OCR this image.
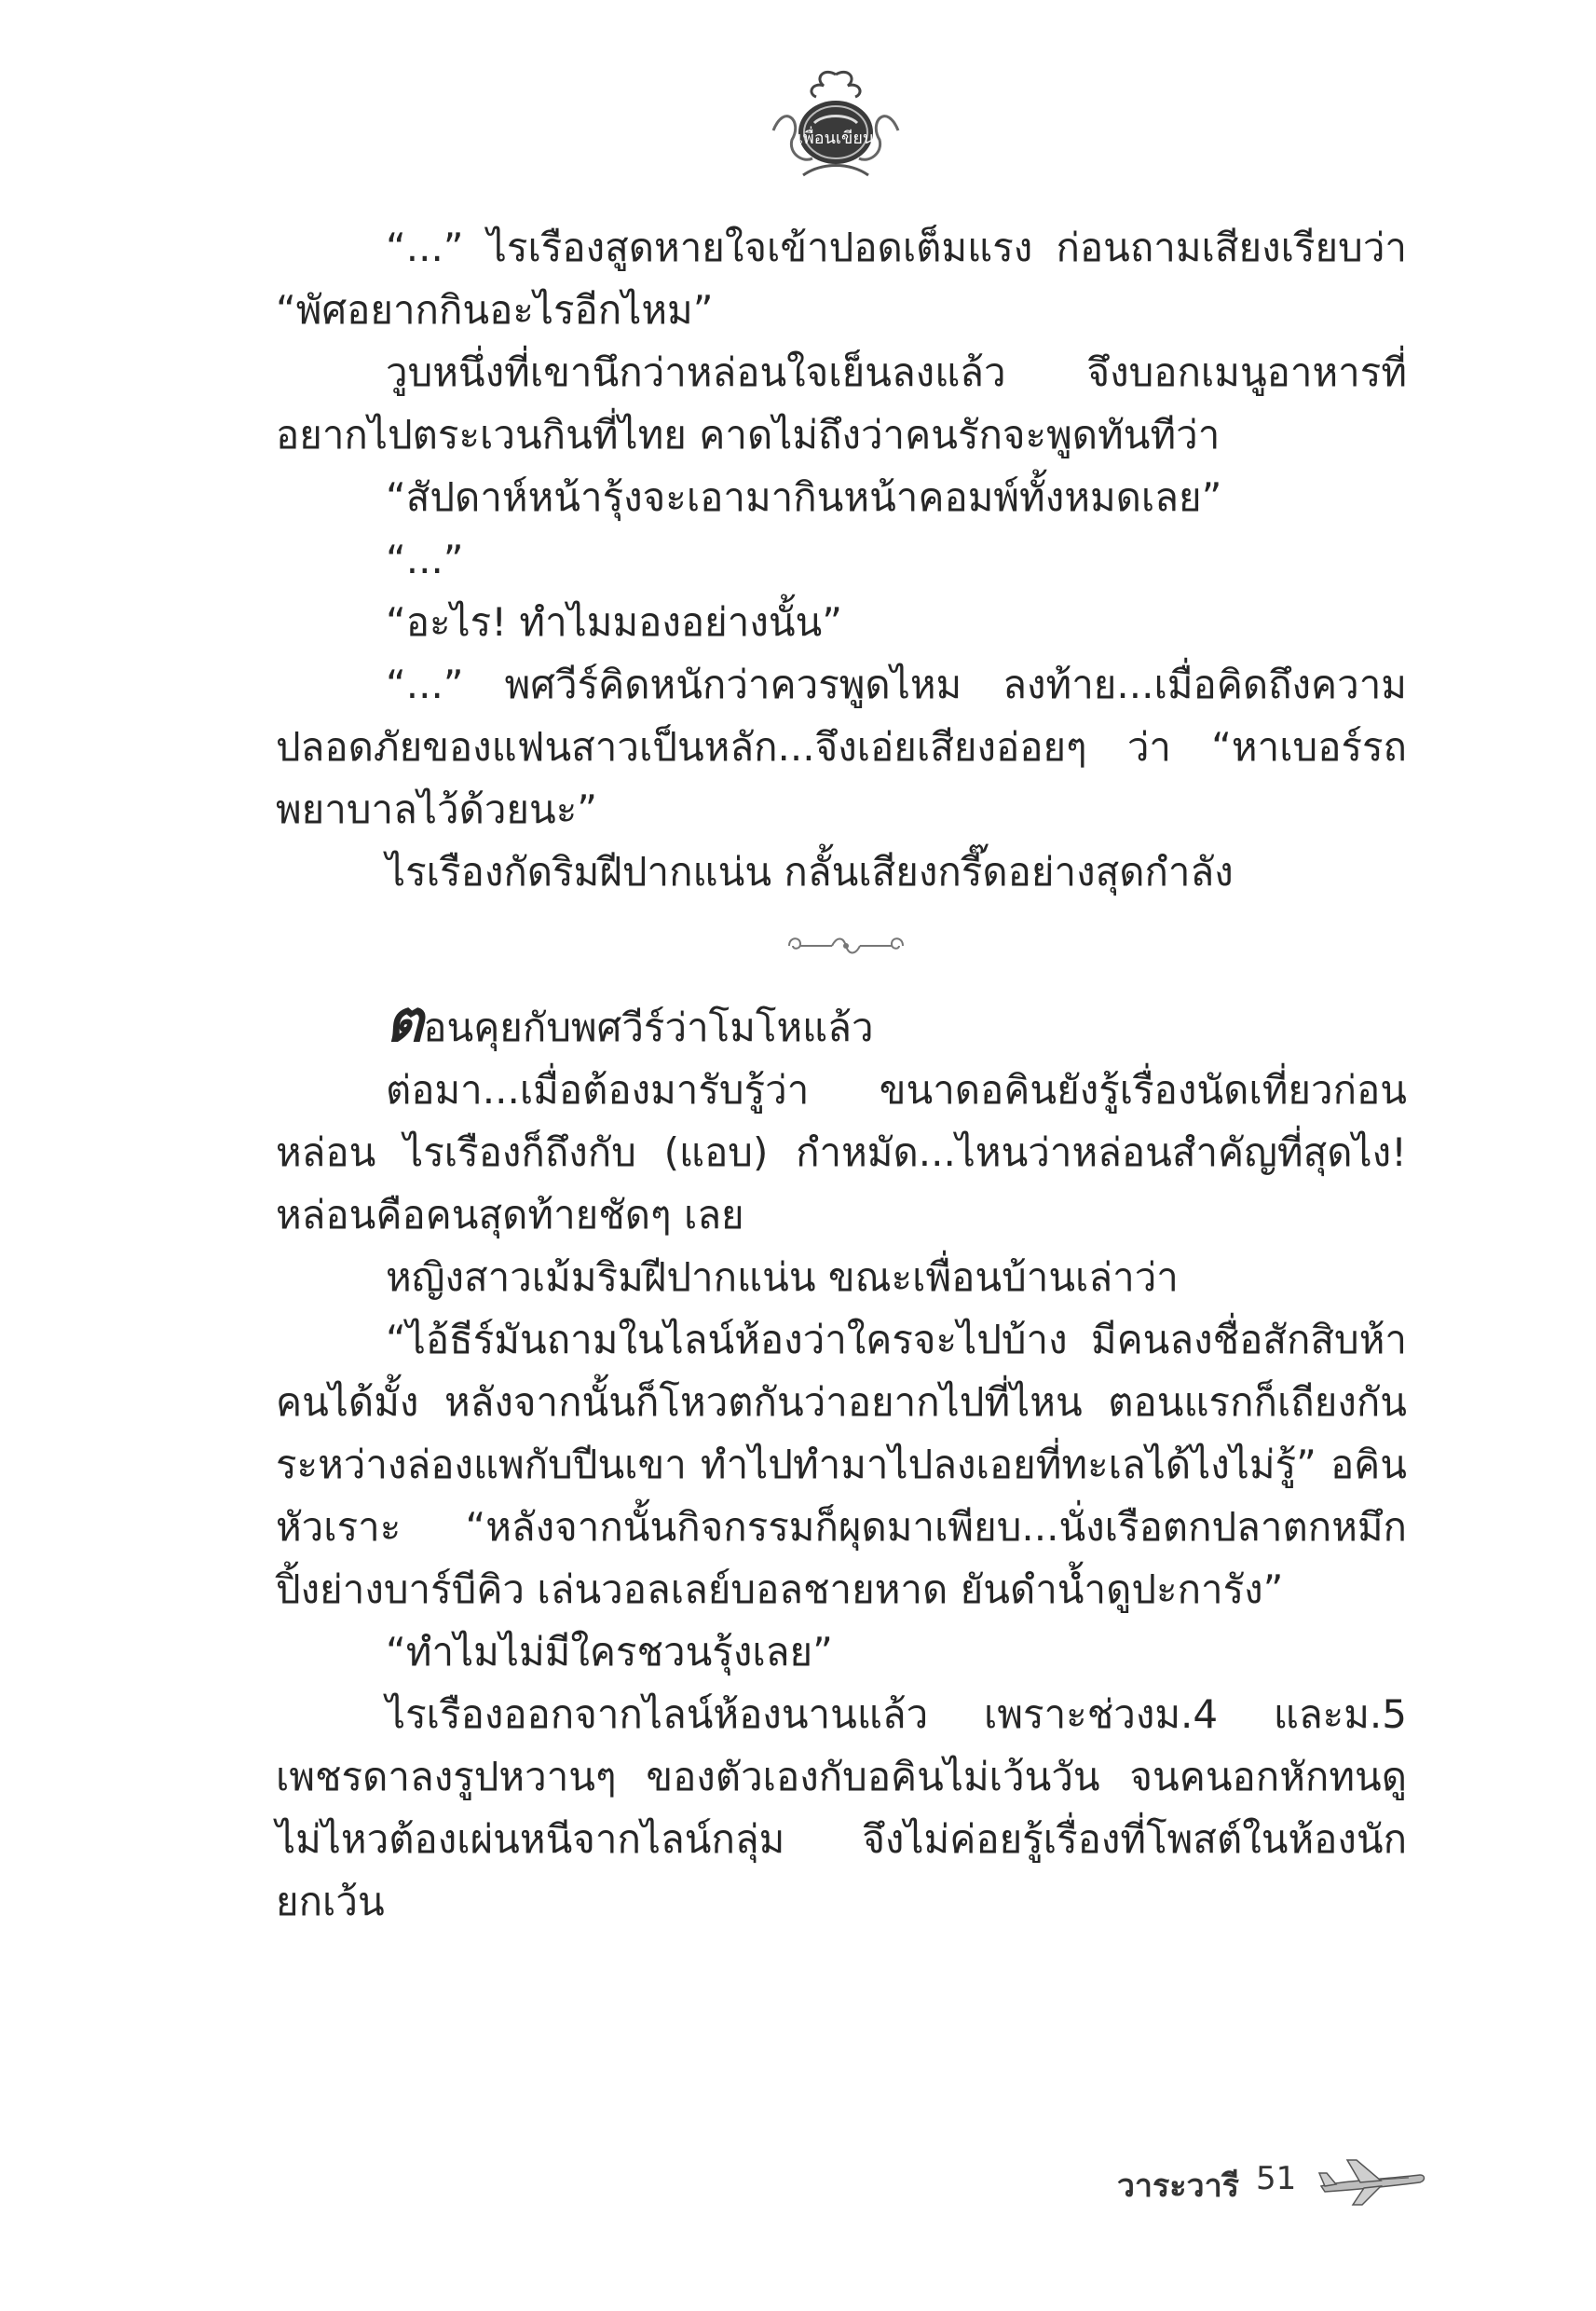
เพื่อนเขียน

“...” ไรเรืองสูดหายใจเข้าปอดเต็มแรง ก่อนถามเสียงเรียบว่า “พัศอยากกินอะไรอีกไหม”

วูบหนึ่งที่เขานึกว่าหล่อนใจเย็นลงแล้ว จึงบอกเมนูอาหารที่อยากไปตระเวนกินที่ไทย คาดไม่ถึงว่าคนรักจะพูดทันทีว่า

“สัปดาห์หน้ารุ้งจะเอามากินหน้าคอมพ์ทั้งหมดเลย”

“...”

“อะไร! ทำไมมองอย่างนั้น”

“...” พศวีร์คิดหนักว่าควรพูดไหม ลงท้าย...เมื่อคิดถึงความปลอดภัยของแฟนสาวเป็นหลัก...จึงเอ่ยเสียงอ่อยๆ ว่า “หาเบอร์รถพยาบาลไว้ด้วยนะ”

ไรเรืองกัดริมฝีปากแน่น กลั้นเสียงกรี๊ดอย่างสุดกำลัง

ตอนคุยกับพศวีร์ว่าโมโหแล้ว

ต่อมา...เมื่อต้องมารับรู้ว่า ขนาดอคินยังรู้เรื่องนัดเที่ยวก่อนหล่อน ไรเรืองก็ถึงกับ (แอบ) กำหมัด...ไหนว่าหล่อนสำคัญที่สุดไง! หล่อนคือคนสุดท้ายชัดๆ เลย

หญิงสาวเม้มริมฝีปากแน่น ขณะเพื่อนบ้านเล่าว่า

“ไอ้ธีร์มันถามในไลน์ห้องว่าใครจะไปบ้าง มีคนลงชื่อสักสิบห้าคนได้มั้ง หลังจากนั้นก็โหวตกันว่าอยากไปที่ไหน ตอนแรกก็เถียงกันระหว่างล่องแพกับปีนเขา ทำไปทำมาไปลงเอยที่ทะเลได้ไงไม่รู้” อคินหัวเราะ “หลังจากนั้นกิจกรรมก็ผุดมาเพียบ...นั่งเรือตกปลาตกหมึก ปิ้งย่างบาร์บีคิว เล่นวอลเลย์บอลชายหาด ยันดำน้ำดูปะการัง”

“ทำไมไม่มีใครชวนรุ้งเลย”

ไรเรืองออกจากไลน์ห้องนานแล้ว เพราะช่วงม.4 และม.5 เพชรดาลงรูปหวานๆ ของตัวเองกับอคินไม่เว้นวัน จนคนอกหักทนดูไม่ไหวต้องเผ่นหนีจากไลน์กลุ่ม จึงไม่ค่อยรู้เรื่องที่โพสต์ในห้องนัก ยกเว้น

วาระวารี 51
